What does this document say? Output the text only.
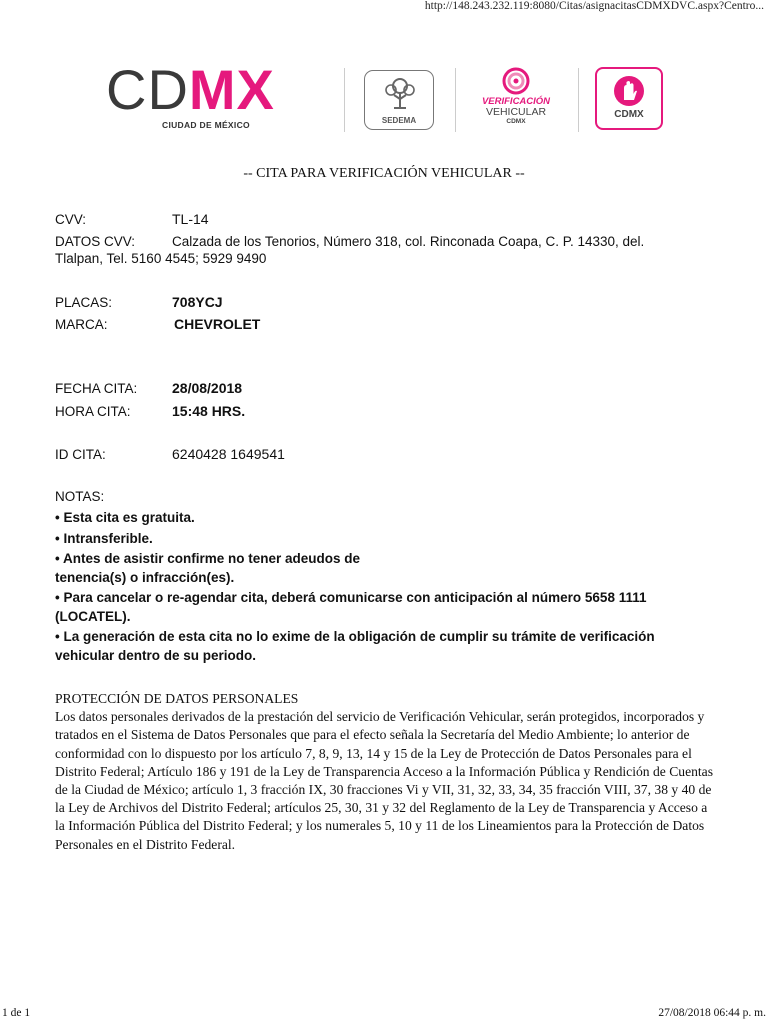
http://148.243.232.119:8080/Citas/asignacitasCDMXDVC.aspx?Centro...
1 de 1	27/08/2018 06:44 p. m.
CDMX
CIUDAD DE MÉXICO	SEDEMA
VERIFICACIÓN
VEHICULAR
CDMX
CDMX
-- CITA PARA VERIFICACIÓN VEHICULAR --
CVV:	TL-14
DATOS CVV:	Calzada de los Tenorios, Número 318, col. Rinconada Coapa, C. P. 14330, del. Tlalpan, Tel. 5160 4545; 5929 9490
PLACAS:	708YCJ
MARCA:	CHEVROLET
FECHA CITA: 28/08/2018
HORA CITA:	15:48 HRS.
ID CITA:	6240428 1649541
NOTAS:
• Esta cita es gratuita.
• Intransferible.
• Antes de asistir confirme no tener adeudos de
tenencia(s) o infracción(es).
• Para cancelar o re-agendar cita, deberá comunicarse con anticipación al número 5658 1111 (LOCATEL).
• La generación de esta cita no lo exime de la obligación de cumplir su trámite de verificación vehicular dentro de su periodo.
PROTECCIÓN DE DATOS PERSONALES
Los datos personales derivados de la prestación del servicio de Verificación Vehicular, serán protegidos, incorporados y tratados en el Sistema de Datos Personales que para el efecto señala la Secretaría del Medio Ambiente; lo anterior de conformidad con lo dispuesto por los artículo 7, 8, 9, 13, 14 y 15 de la Ley de Protección de Datos Personales para el Distrito Federal; Artículo 186 y 191 de la Ley de Transparencia Acceso a la Información Pública y Rendición de Cuentas de la Ciudad de México; artículo 1, 3 fracción IX, 30 fracciones Vi y VII, 31, 32, 33, 34, 35 fracción VIII, 37, 38 y 40 de la Ley de Archivos del Distrito Federal; artículos 25, 30, 31 y 32 del Reglamento de la Ley de Transparencia y Acceso a la Información Pública del Distrito Federal; y los numerales 5, 10 y 11 de los Lineamientos para la Protección de Datos Personales en el Distrito Federal.
